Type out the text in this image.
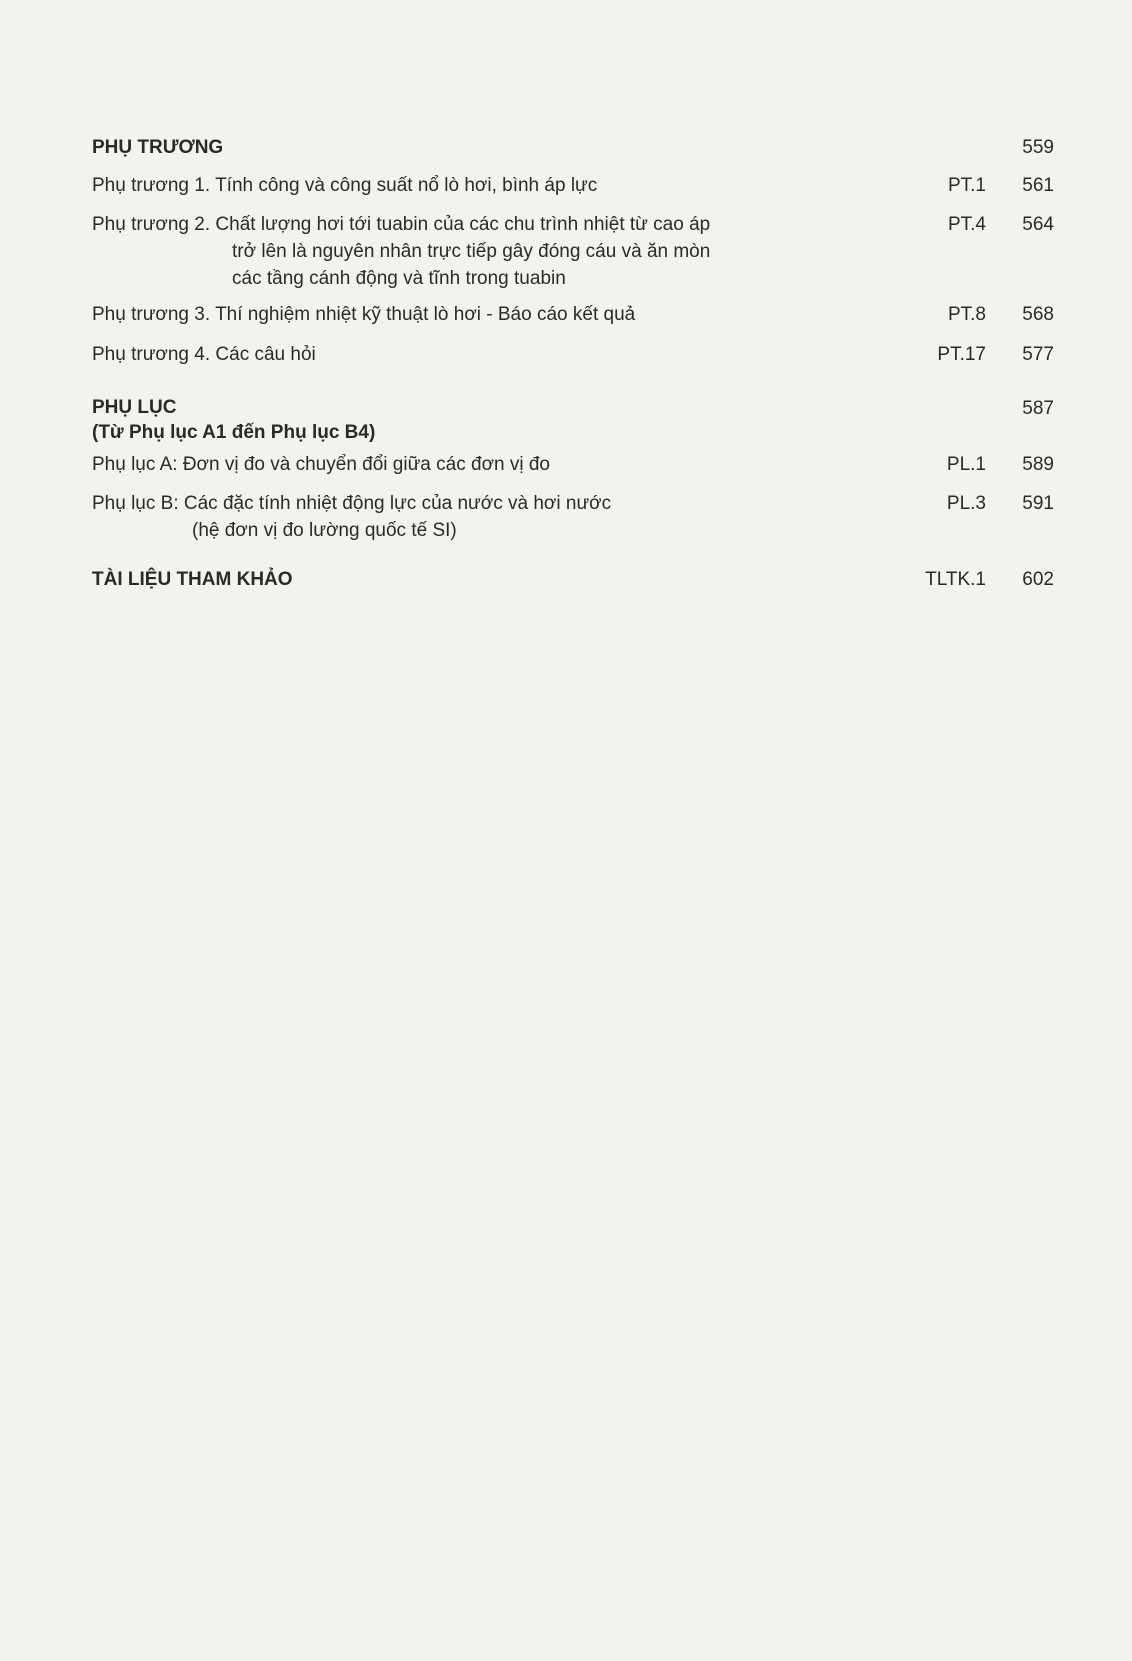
PHỤ TRƯƠNG	559
Phụ trương 1. Tính công và công suất nổ lò hơi, bình áp lực	PT.1 561
Phụ trương 2. Chất lượng hơi tới tuabin của các chu trình nhiệt từ cao áp	PT.4 564
trở lên là nguyên nhân trực tiếp gây đóng cáu và ăn mòn
các tầng cánh động và tĩnh trong tuabin
Phụ trương 3. Thí nghiệm nhiệt kỹ thuật lò hơi - Báo cáo kết quả	PT.8 568
Phụ trương 4. Các câu hỏi	PT.17 577
PHỤ LỤC	587
(Từ Phụ lục A1 đến Phụ lục B4)
Phụ lục A: Đơn vị đo và chuyển đổi giữa các đơn vị đo	PL.1 589
Phụ lục B: Các đặc tính nhiệt động lực của nước và hơi nước	PL.3 591
(hệ đơn vị đo lường quốc tế SI)
TÀI LIỆU THAM KHẢO	TLTK.1 602
